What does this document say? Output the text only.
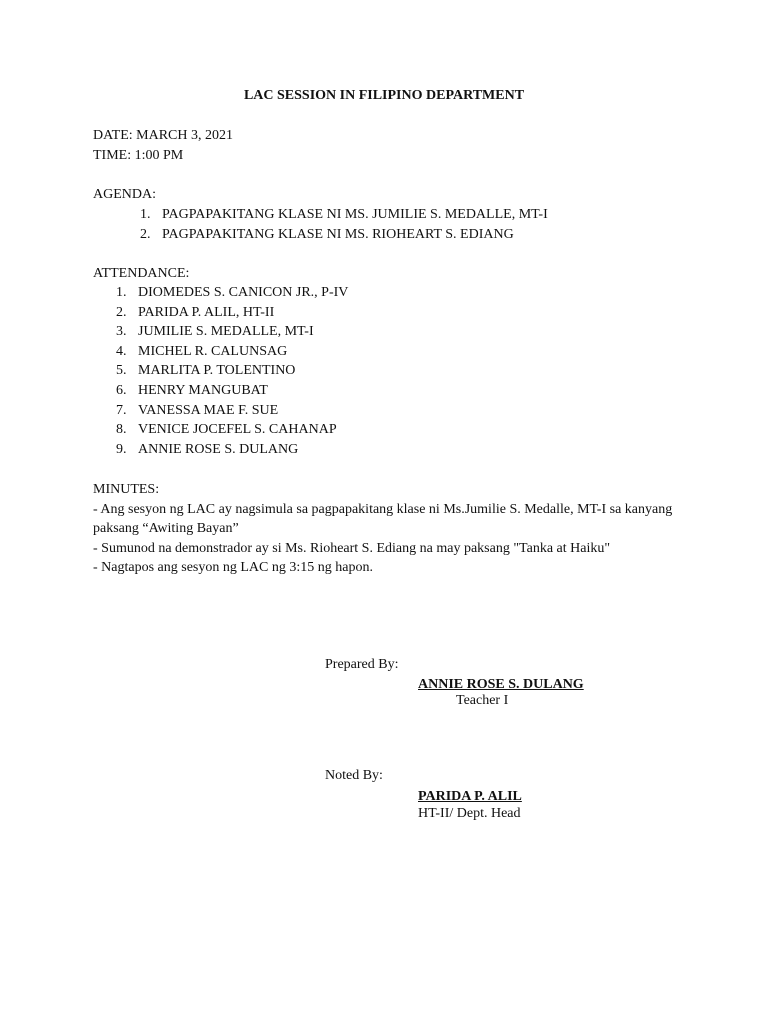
LAC SESSION IN FILIPINO DEPARTMENT
DATE: MARCH 3, 2021
TIME: 1:00 PM
AGENDA:
1. PAGPAPAKITANG KLASE NI MS. JUMILIE S. MEDALLE, MT-I
2. PAGPAPAKITANG KLASE NI MS. RIOHEART S. EDIANG
ATTENDANCE:
1. DIOMEDES S. CANICON JR., P-IV
2. PARIDA P. ALIL, HT-II
3. JUMILIE S. MEDALLE, MT-I
4. MICHEL R. CALUNSAG
5. MARLITA P. TOLENTINO
6. HENRY MANGUBAT
7. VANESSA MAE F. SUE
8. VENICE JOCEFEL S. CAHANAP
9. ANNIE ROSE S. DULANG

MINUTES:

- Ang sesyon ng LAC ay nagsimula sa pagpapakitang klase ni Ms.Jumilie S. Medalle, MT-I sa kanyang paksang “Awiting Bayan”

- Sumunod na demonstrador ay si Ms. Rioheart S. Ediang na may paksang "Tanka at Haiku"

- Nagtapos ang sesyon ng LAC ng 3:15 ng hapon.

Prepared By:
ANNIE ROSE S. DULANG
Teacher I
Noted By:
PARIDA P. ALIL
HT-II/ Dept. Head
